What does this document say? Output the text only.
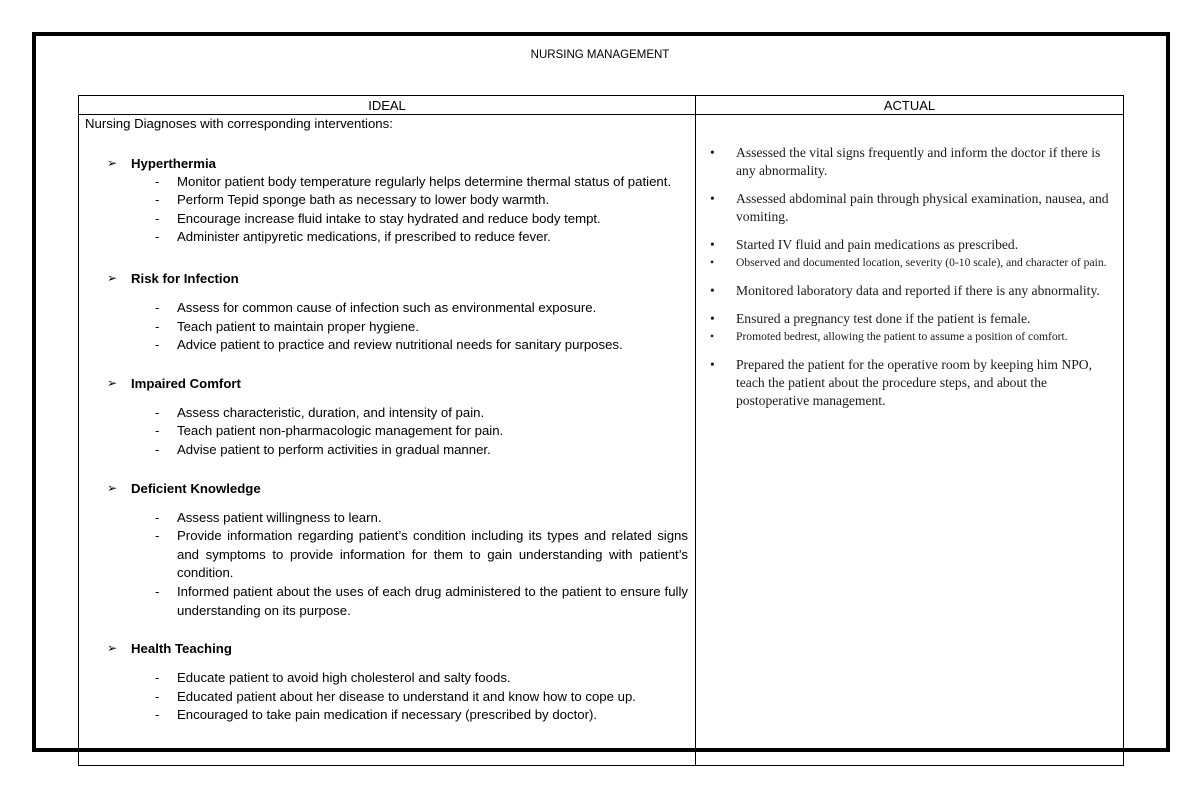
NURSING MANAGEMENT
IDEAL	ACTUAL

Nursing Diagnoses with corresponding interventions:

➢ Hyperthermia
- Monitor patient body temperature regularly helps determine thermal status of patient.
- Perform Tepid sponge bath as necessary to lower body warmth.
- Encourage increase fluid intake to stay hydrated and reduce body tempt.
- Administer antipyretic medications, if prescribed to reduce fever.
➢ Risk for Infection
- Assess for common cause of infection such as environmental exposure.
- Teach patient to maintain proper hygiene.
- Advice patient to practice and review nutritional needs for sanitary purposes.
➢ Impaired Comfort
- Assess characteristic, duration, and intensity of pain.
- Teach patient non-pharmacologic management for pain.
- Advise patient to perform activities in gradual manner.
➢ Deficient Knowledge
- Assess patient willingness to learn.
- Provide information regarding patient’s condition including its types and related signs and symptoms to provide information for them to gain understanding with patient’s condition.
- Informed patient about the uses of each drug administered to the patient to ensure fully understanding on its purpose.
➢ Health Teaching
- Educate patient to avoid high cholesterol and salty foods.
- Educated patient about her disease to understand it and know how to cope up.
- Encouraged to take pain medication if necessary (prescribed by doctor).
• Assessed the vital signs frequently and inform the doctor if there is any abnormality.
• Assessed abdominal pain through physical examination, nausea, and vomiting.
• Started IV fluid and pain medications as prescribed.
• Observed and documented location, severity (0-10 scale), and character of pain.
• Monitored laboratory data and reported if there is any abnormality.
• Ensured a pregnancy test done if the patient is female.
• Promoted bedrest, allowing the patient to assume a position of comfort.
• Prepared the patient for the operative room by keeping him NPO, teach the patient about the procedure steps, and about the postoperative management.
